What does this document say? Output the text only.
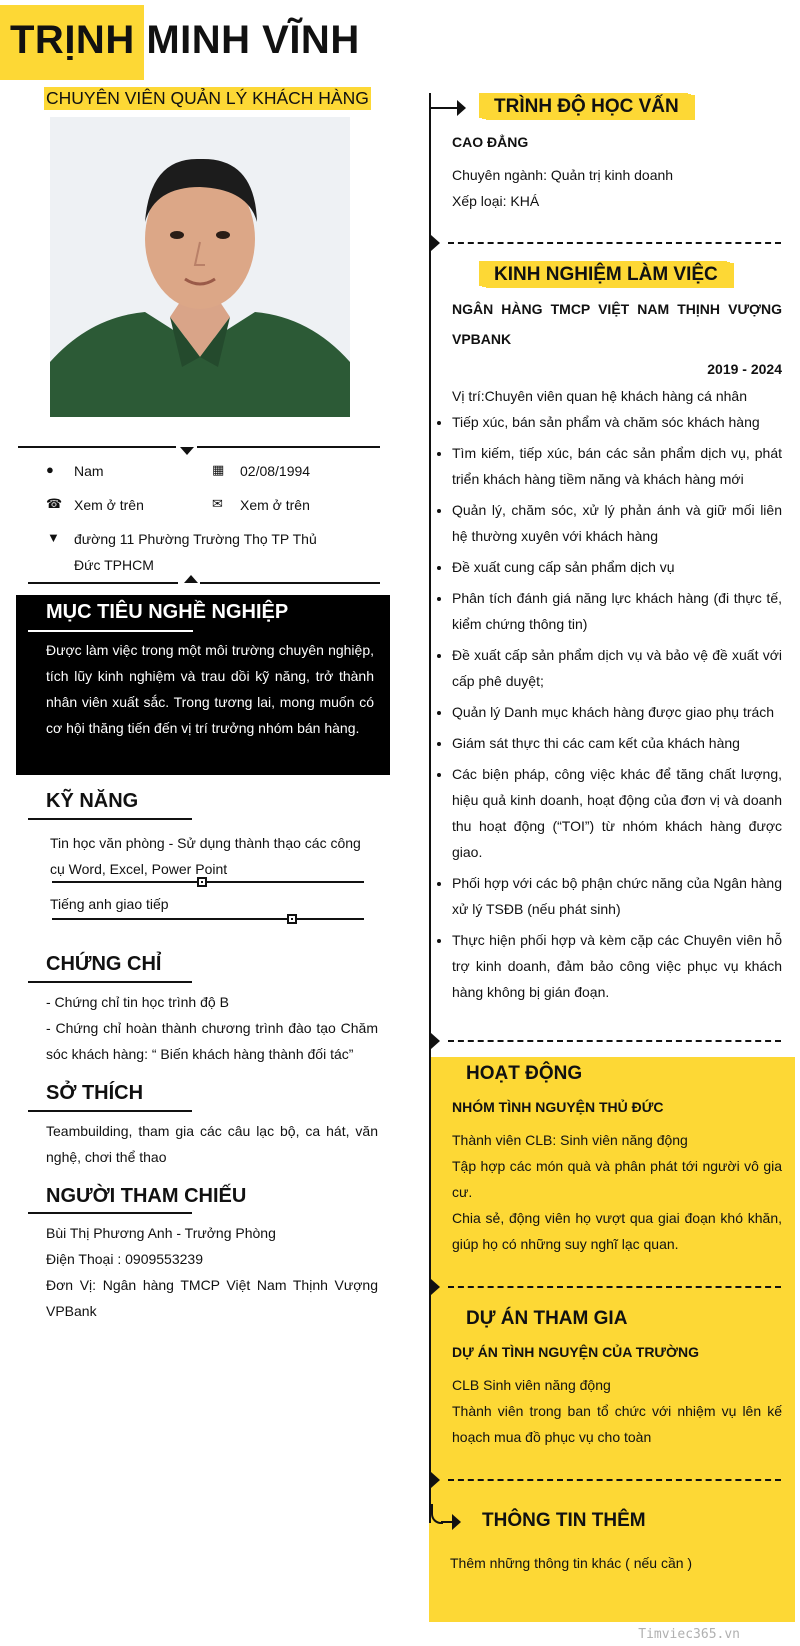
TRỊNH MINH VĨNH
CHUYÊN VIÊN QUẢN LÝ KHÁCH HÀNG
● Nam	▦ 02/08/1994
☎ Xem ở trên	✉ Xem ở trên
▼ đường 11 Phường Trường Thọ TP Thủ
Đức TPHCM
MỤC TIÊU NGHỀ NGHIỆP
Được làm việc trong một môi trường chuyên nghiệp, tích lũy kinh nghiệm và trau dồi kỹ năng, trở thành nhân viên xuất sắc. Trong tương lai, mong muốn có cơ hội thăng tiến đến vị trí trưởng nhóm bán hàng.
KỸ NĂNG
Tin học văn phòng - Sử dụng thành thạo các công cụ Word, Excel, Power Point
Tiếng anh giao tiếp
CHỨNG CHỈ
- Chứng chỉ tin học trình độ B
- Chứng chỉ hoàn thành chương trình đào tạo Chăm sóc khách hàng: “ Biến khách hàng thành đối tác”
SỞ THÍCH
Teambuilding, tham gia các câu lạc bộ, ca hát, văn nghệ, chơi thể thao
NGƯỜI THAM CHIẾU
Bùi Thị Phương Anh - Trưởng Phòng
Điện Thoại : 0909553239
Đơn Vị: Ngân hàng TMCP Việt Nam Thịnh Vượng VPBank
TRÌNH ĐỘ HỌC VẤN
CAO ĐẲNG
Chuyên ngành: Quản trị kinh doanh
Xếp loại: KHÁ
KINH NGHIỆM LÀM VIỆC
NGÂN HÀNG TMCP VIỆT NAM THỊNH VƯỢNG VPBANK
2019 - 2024
Vị trí:Chuyên viên quan hệ khách hàng cá nhân
• Tiếp xúc, bán sản phẩm và chăm sóc khách hàng
• Tìm kiếm, tiếp xúc, bán các sản phẩm dịch vụ, phát triển khách hàng tiềm năng và khách hàng mới
• Quản lý, chăm sóc, xử lý phản ánh và giữ mối liên hệ thường xuyên với khách hàng
• Đề xuất cung cấp sản phẩm dịch vụ
• Phân tích đánh giá năng lực khách hàng (đi thực tế, kiểm chứng thông tin)
• Đề xuất cấp sản phẩm dịch vụ và bảo vệ đề xuất với cấp phê duyệt;
• Quản lý Danh mục khách hàng được giao phụ trách
• Giám sát thực thi các cam kết của khách hàng
• Các biện pháp, công việc khác để tăng chất lượng, hiệu quả kinh doanh, hoạt động của đơn vị và doanh thu hoạt động (“TOI”) từ nhóm khách hàng được giao.
• Phối hợp với các bộ phận chức năng của Ngân hàng xử lý TSĐB (nếu phát sinh)
• Thực hiện phối hợp và kèm cặp các Chuyên viên hỗ trợ kinh doanh, đảm bảo công việc phục vụ khách hàng không bị gián đoạn.
HOẠT ĐỘNG
NHÓM TÌNH NGUYỆN THỦ ĐỨC
Thành viên CLB: Sinh viên năng động
Tập hợp các món quà và phân phát tới người vô gia cư.
Chia sẻ, động viên họ vượt qua giai đoạn khó khăn, giúp họ có những suy nghĩ lạc quan.
DỰ ÁN THAM GIA
DỰ ÁN TÌNH NGUYỆN CỦA TRƯỜNG
CLB Sinh viên năng động
Thành viên trong ban tổ chức với nhiệm vụ lên kế hoạch mua đồ phục vụ cho toàn
THÔNG TIN THÊM
Thêm những thông tin khác ( nếu cần )
Timviec365.vn
